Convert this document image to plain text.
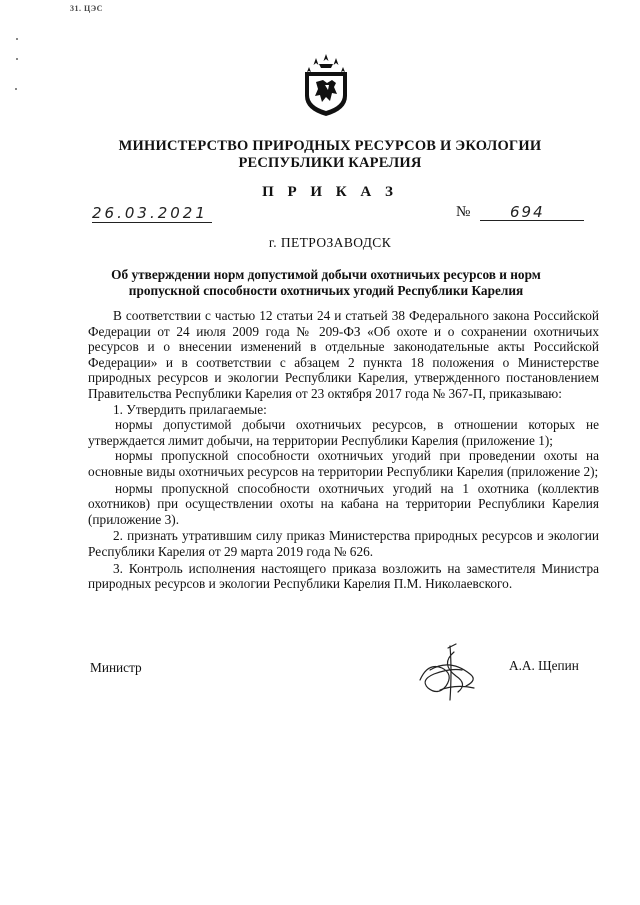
31. ЦЭС
МИНИСТЕРСТВО ПРИРОДНЫХ РЕСУРСОВ И ЭКОЛОГИИ
РЕСПУБЛИКИ КАРЕЛИЯ
П Р И К А З
26.03.2021	№	694
г. ПЕТРОЗАВОДСК
Об утверждении норм допустимой добычи охотничьих ресурсов и норм
пропускной способности охотничьих угодий Республики Карелия

В соответствии с частью 12 статьи 24 и статьей 38 Федерального закона Российской Федерации от 24 июля 2009 года № 209-ФЗ «Об охоте и о сохранении охотничьих ресурсов и о внесении изменений в отдельные законодательные акты Российской Федерации» и в соответствии с абзацем 2 пункта 18 положения о Министерстве природных ресурсов и экологии Республики Карелия, утвержденного постановлением Правительства Республики Карелия от 23 октября 2017 года № 367-П, приказываю:

1. Утвердить прилагаемые:

нормы допустимой добычи охотничьих ресурсов, в отношении которых не утверждается лимит добычи, на территории Республики Карелия (приложение 1);

нормы пропускной способности охотничьих угодий при проведении охоты на основные виды охотничьих ресурсов на территории Республики Карелия (приложение 2);

нормы пропускной способности охотничьих угодий на 1 охотника (коллектив охотников) при осуществлении охоты на кабана на территории Республики Карелия (приложение 3).

2. признать утратившим силу приказ Министерства природных ресурсов и экологии Республики Карелия от 29 марта 2019 года № 626.

3. Контроль исполнения настоящего приказа возложить на заместителя Министра природных ресурсов и экологии Республики Карелия П.М. Николаевского.

Министр	А.А. Щепин
